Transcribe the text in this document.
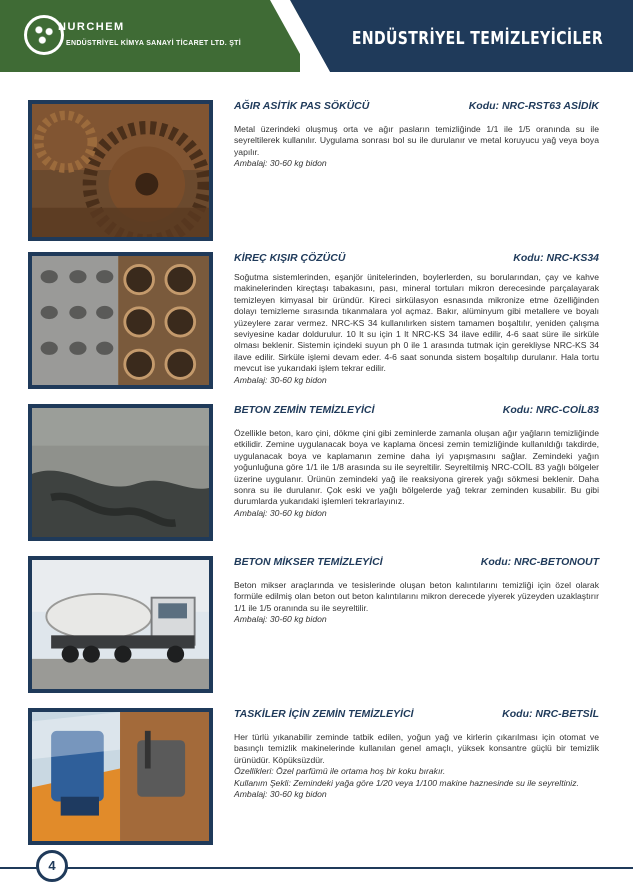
NURCHEM
ENDÜSTRİYEL KİMYA SANAYİ TİCARET LTD. ŞTİ	ENDÜSTRİYEL TEMİZLEYİCİLER
AĞIR ASİTİK PAS SÖKÜCÜ	Kodu: NRC-RST63 ASİDİK
Metal üzerindeki oluşmuş orta ve ağır pasların temizliğinde 1/1 ile 1/5 oranında su ile seyreltilerek kullanılır. Uygulama sonrası bol su ile durulanır ve metal koruyucu yağ veya boya yapılır.
Ambalaj: 30-60 kg bidon
KİREÇ KIŞIR ÇÖZÜCÜ	Kodu: NRC-KS34
Soğutma sistemlerinden, eşanjör ünitelerinden, boylerlerden, su borularından, çay ve kahve makinelerinden kireçtaşı tabakasını, pası, mineral tortuları mikron derecesinde parçalayarak temizleyen kimyasal bir üründür. Kireci sirkülasyon esnasında mikronize etme özelliğinden dolayı temizleme sırasında tıkanmalara yol açmaz. Bakır, alüminyum gibi metallere ve boyalı yüzeylere zarar vermez. NRC-KS 34 kullanılırken sistem tamamen boşaltılır, yeniden çalışma seviyesine kadar doldurulur. 10 lt su için 1 lt NRC-KS 34 ilave edilir, 4-6 saat süre ile sirküle olması beklenir. Sistemin içindeki suyun ph 0 ile 1 arasında tutmak için gerekliyse NRC-KS 34 ilave edilir. Sirküle işlemi devam eder. 4-6 saat sonunda sistem boşaltılıp durulanır. Hala tortu mevcut ise yukarıdaki işlem tekrar edilir.
Ambalaj: 30-60 kg bidon
BETON ZEMİN TEMİZLEYİCİ	Kodu: NRC-COİL83
Özellikle beton, karo çini, dökme çini gibi zeminlerde zamanla oluşan ağır yağların temizliğinde etkilidir. Zemine uygulanacak boya ve kaplama öncesi zemin temizliğinde kullanıldığı takdirde, uygulanacak boya ve kaplamanın zemine daha iyi yapışmasını sağlar. Zemindeki yağın yoğunluğuna göre 1/1 ile 1/8 arasında su ile seyreltilir. Seyreltilmiş NRC-COİL 83 yağlı bölgeler üzerine uygulanır. Ürünün zemindeki yağ ile reaksiyona girerek yağı sökmesi beklenir. Daha sonra su ile durulanır. Çok eski ve yağlı bölgelerde yağ tekrar zeminden kusabilir. Bu gibi durumlarda yukarıdaki işlemleri tekrarlayınız.
Ambalaj: 30-60 kg bidon
BETON MİKSER TEMİZLEYİCİ	Kodu: NRC-BETONOUT
Beton mikser araçlarında ve tesislerinde oluşan beton kalıntılarını temizliği için özel olarak formüle edilmiş olan beton out beton kalıntılarını mikron derecede yiyerek yüzeyden uzaklaştırır 1/1 ile 1/5 oranında su ile seyreltilir.
Ambalaj: 30-60 kg bidon
TASKİLER İÇİN ZEMİN TEMİZLEYİCİ	Kodu: NRC-BETSİL
Her türlü yıkanabilir zeminde tatbik edilen, yoğun yağ ve kirlerin çıkarılması için otomat ve basınçlı temizlik makinelerinde kullanılan genel amaçlı, yüksek konsantre güçlü bir temizlik ürünüdür. Köpüksüzdür.
Özellikleri: Özel parfümü ile ortama hoş bir koku bırakır.
Kullanım Şekli: Zemindeki yağa göre 1/20 veya 1/100 makine haznesinde su ile seyreltiniz.
Ambalaj: 30-60 kg bidon
4
